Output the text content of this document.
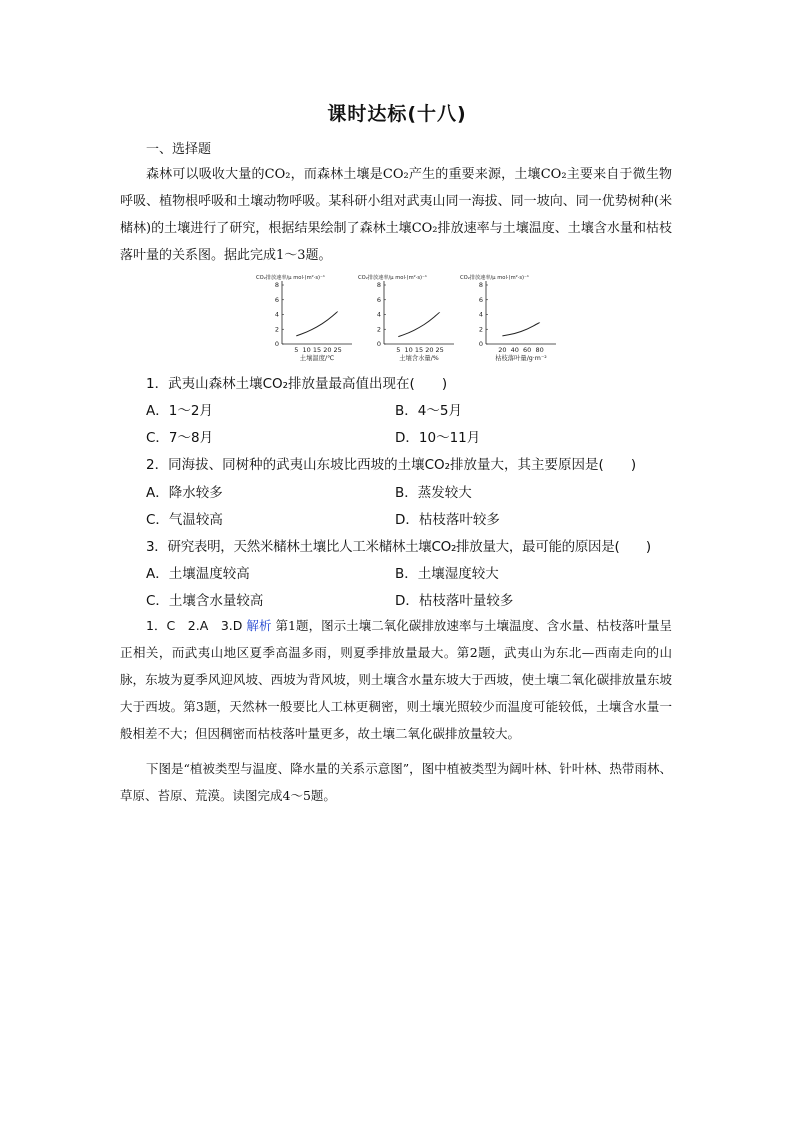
课时达标(十八)
一、选择题

森林可以吸收大量的CO₂，而森林土壤是CO₂产生的重要来源，土壤CO₂主要来自于微生物呼吸、植物根呼吸和土壤动物呼吸。某科研小组对武夷山同一海拔、同一坡向、同一优势树种(米槠林)的土壤进行了研究，根据结果绘制了森林土壤CO₂排放速率与土壤温度、土壤含水量和枯枝落叶量的关系图。据此完成1～3题。

CO₂排放速率/μ mol·(m²·s)⁻¹
8
6
4
2
0
5 10 15 20 25
土壤温度/℃
CO₂排放速率/μ mol·(m²·s)⁻¹
8
6
4
2
0
5 10 15 20 25
土壤含水量/%
CO₂排放速率/μ mol·(m²·s)⁻¹
8
6
4
2
0
20 40 60 80
枯枝落叶量/g·m⁻²
1．武夷山森林土壤CO₂排放量最高值出现在(　　)
A．1～2月	B．4～5月
C．7～8月	D．10～11月
2．同海拔、同树种的武夷山东坡比西坡的土壤CO₂排放量大，其主要原因是(　　)
A．降水较多	B．蒸发较大
C．气温较高	D．枯枝落叶较多
3．研究表明，天然米槠林土壤比人工米槠林土壤CO₂排放量大，最可能的原因是(　　)
A．土壤温度较高	B．土壤湿度较大
C．土壤含水量较高	D．枯枝落叶量较多

1．C　2.A　3.D 解析 第1题，图示土壤二氧化碳排放速率与土壤温度、含水量、枯枝落叶量呈正相关，而武夷山地区夏季高温多雨，则夏季排放量最大。第2题，武夷山为东北—西南走向的山脉，东坡为夏季风迎风坡、西坡为背风坡，则土壤含水量东坡大于西坡，使土壤二氧化碳排放量东坡大于西坡。第3题，天然林一般要比人工林更稠密，则土壤光照较少而温度可能较低，土壤含水量一般相差不大；但因稠密而枯枝落叶量更多，故土壤二氧化碳排放量较大。

下图是“植被类型与温度、降水量的关系示意图”，图中植被类型为阔叶林、针叶林、热带雨林、草原、苔原、荒漠。读图完成4～5题。
